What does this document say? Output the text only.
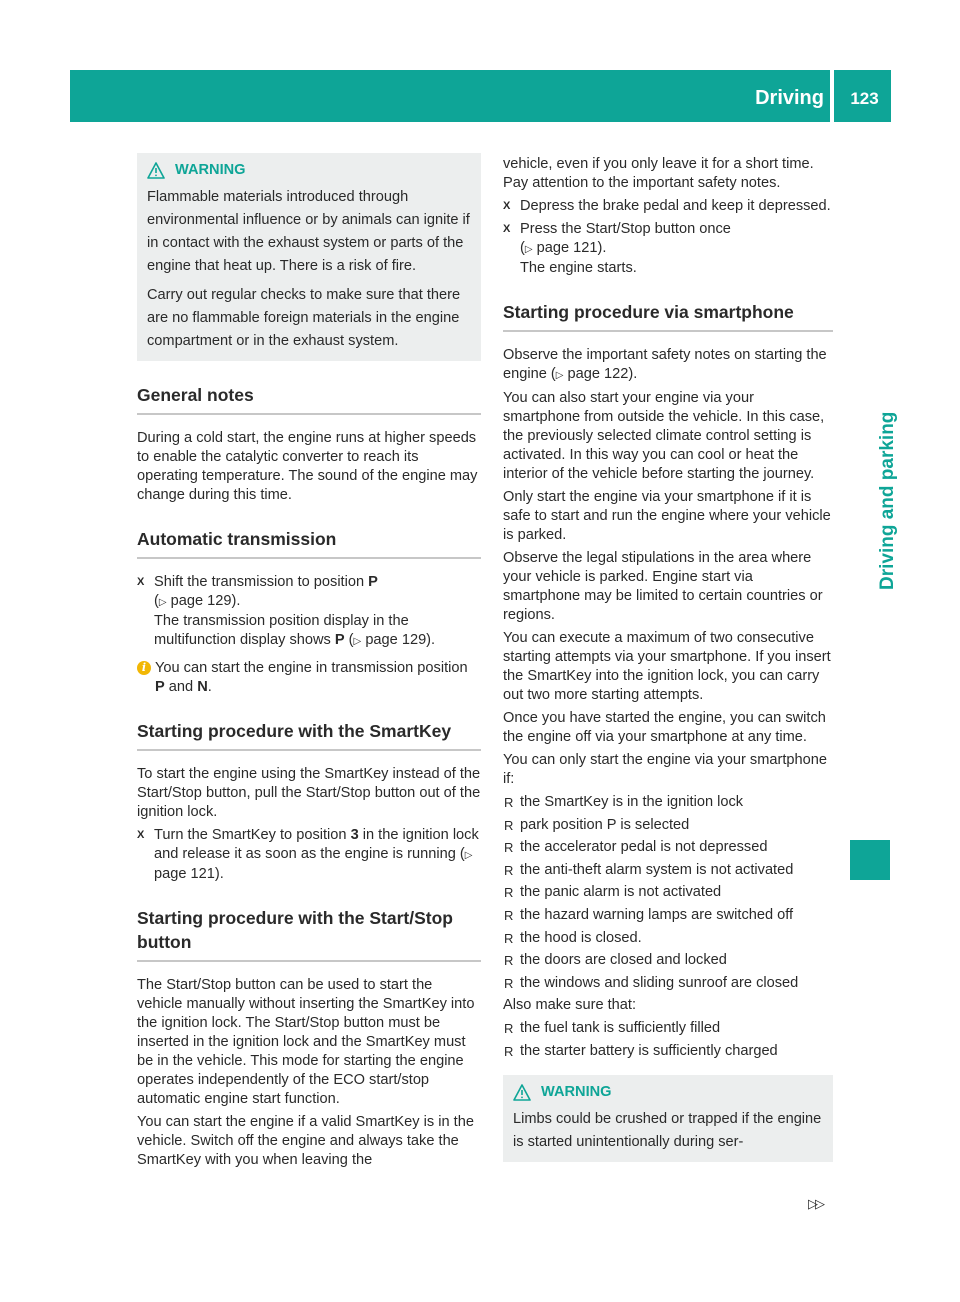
Driving	123
Driving and parking
WARNING

Flammable materials introduced through environmental influence or by animals can ignite if in contact with the exhaust system or parts of the engine that heat up. There is a risk of fire.

Carry out regular checks to make sure that there are no flammable foreign materials in the engine compartment or in the exhaust system.

General notes

During a cold start, the engine runs at higher speeds to enable the catalytic converter to reach its operating temperature. The sound of the engine may change during this time.

Automatic transmission
X Shift the transmission to position P
(▷ page 129).
The transmission position display in the multifunction display shows P (▷ page 129).
i You can start the engine in transmission position P and N.
Starting procedure with the SmartKey

To start the engine using the SmartKey instead of the Start/Stop button, pull the Start/Stop button out of the ignition lock.

X Turn the SmartKey to position 3 in the ignition lock and release it as soon as the engine is running (▷ page 121).
Starting procedure with the Start/Stop button

The Start/Stop button can be used to start the vehicle manually without inserting the SmartKey into the ignition lock. The Start/Stop button must be inserted in the ignition lock and the SmartKey must be in the vehicle. This mode for starting the engine operates independently of the ECO start/stop automatic engine start function.

You can start the engine if a valid SmartKey is in the vehicle. Switch off the engine and always take the SmartKey with you when leaving the

vehicle, even if you only leave it for a short time. Pay attention to the important safety notes.

X Depress the brake pedal and keep it depressed.
X Press the Start/Stop button once
(▷ page 121).
The engine starts.
Starting procedure via smartphone

Observe the important safety notes on starting the engine (▷ page 122).

You can also start your engine via your smartphone from outside the vehicle. In this case, the previously selected climate control setting is activated. In this way you can cool or heat the interior of the vehicle before starting the journey.

Only start the engine via your smartphone if it is safe to start and run the engine where your vehicle is parked.

Observe the legal stipulations in the area where your vehicle is parked. Engine start via smartphone may be limited to certain countries or regions.

You can execute a maximum of two consecutive starting attempts via your smartphone. If you insert the SmartKey into the ignition lock, you can carry out two more starting attempts.

Once you have started the engine, you can switch the engine off via your smartphone at any time.

You can only start the engine via your smartphone if:

R the SmartKey is in the ignition lock
R park position P is selected
R the accelerator pedal is not depressed
R the anti-theft alarm system is not activated
R the panic alarm is not activated
R the hazard warning lamps are switched off
R the hood is closed.
R the doors are closed and locked
R the windows and sliding sunroof are closed

Also make sure that:

R the fuel tank is sufficiently filled
R the starter battery is sufficiently charged
WARNING

Limbs could be crushed or trapped if the engine is started unintentionally during ser-

▷▷
